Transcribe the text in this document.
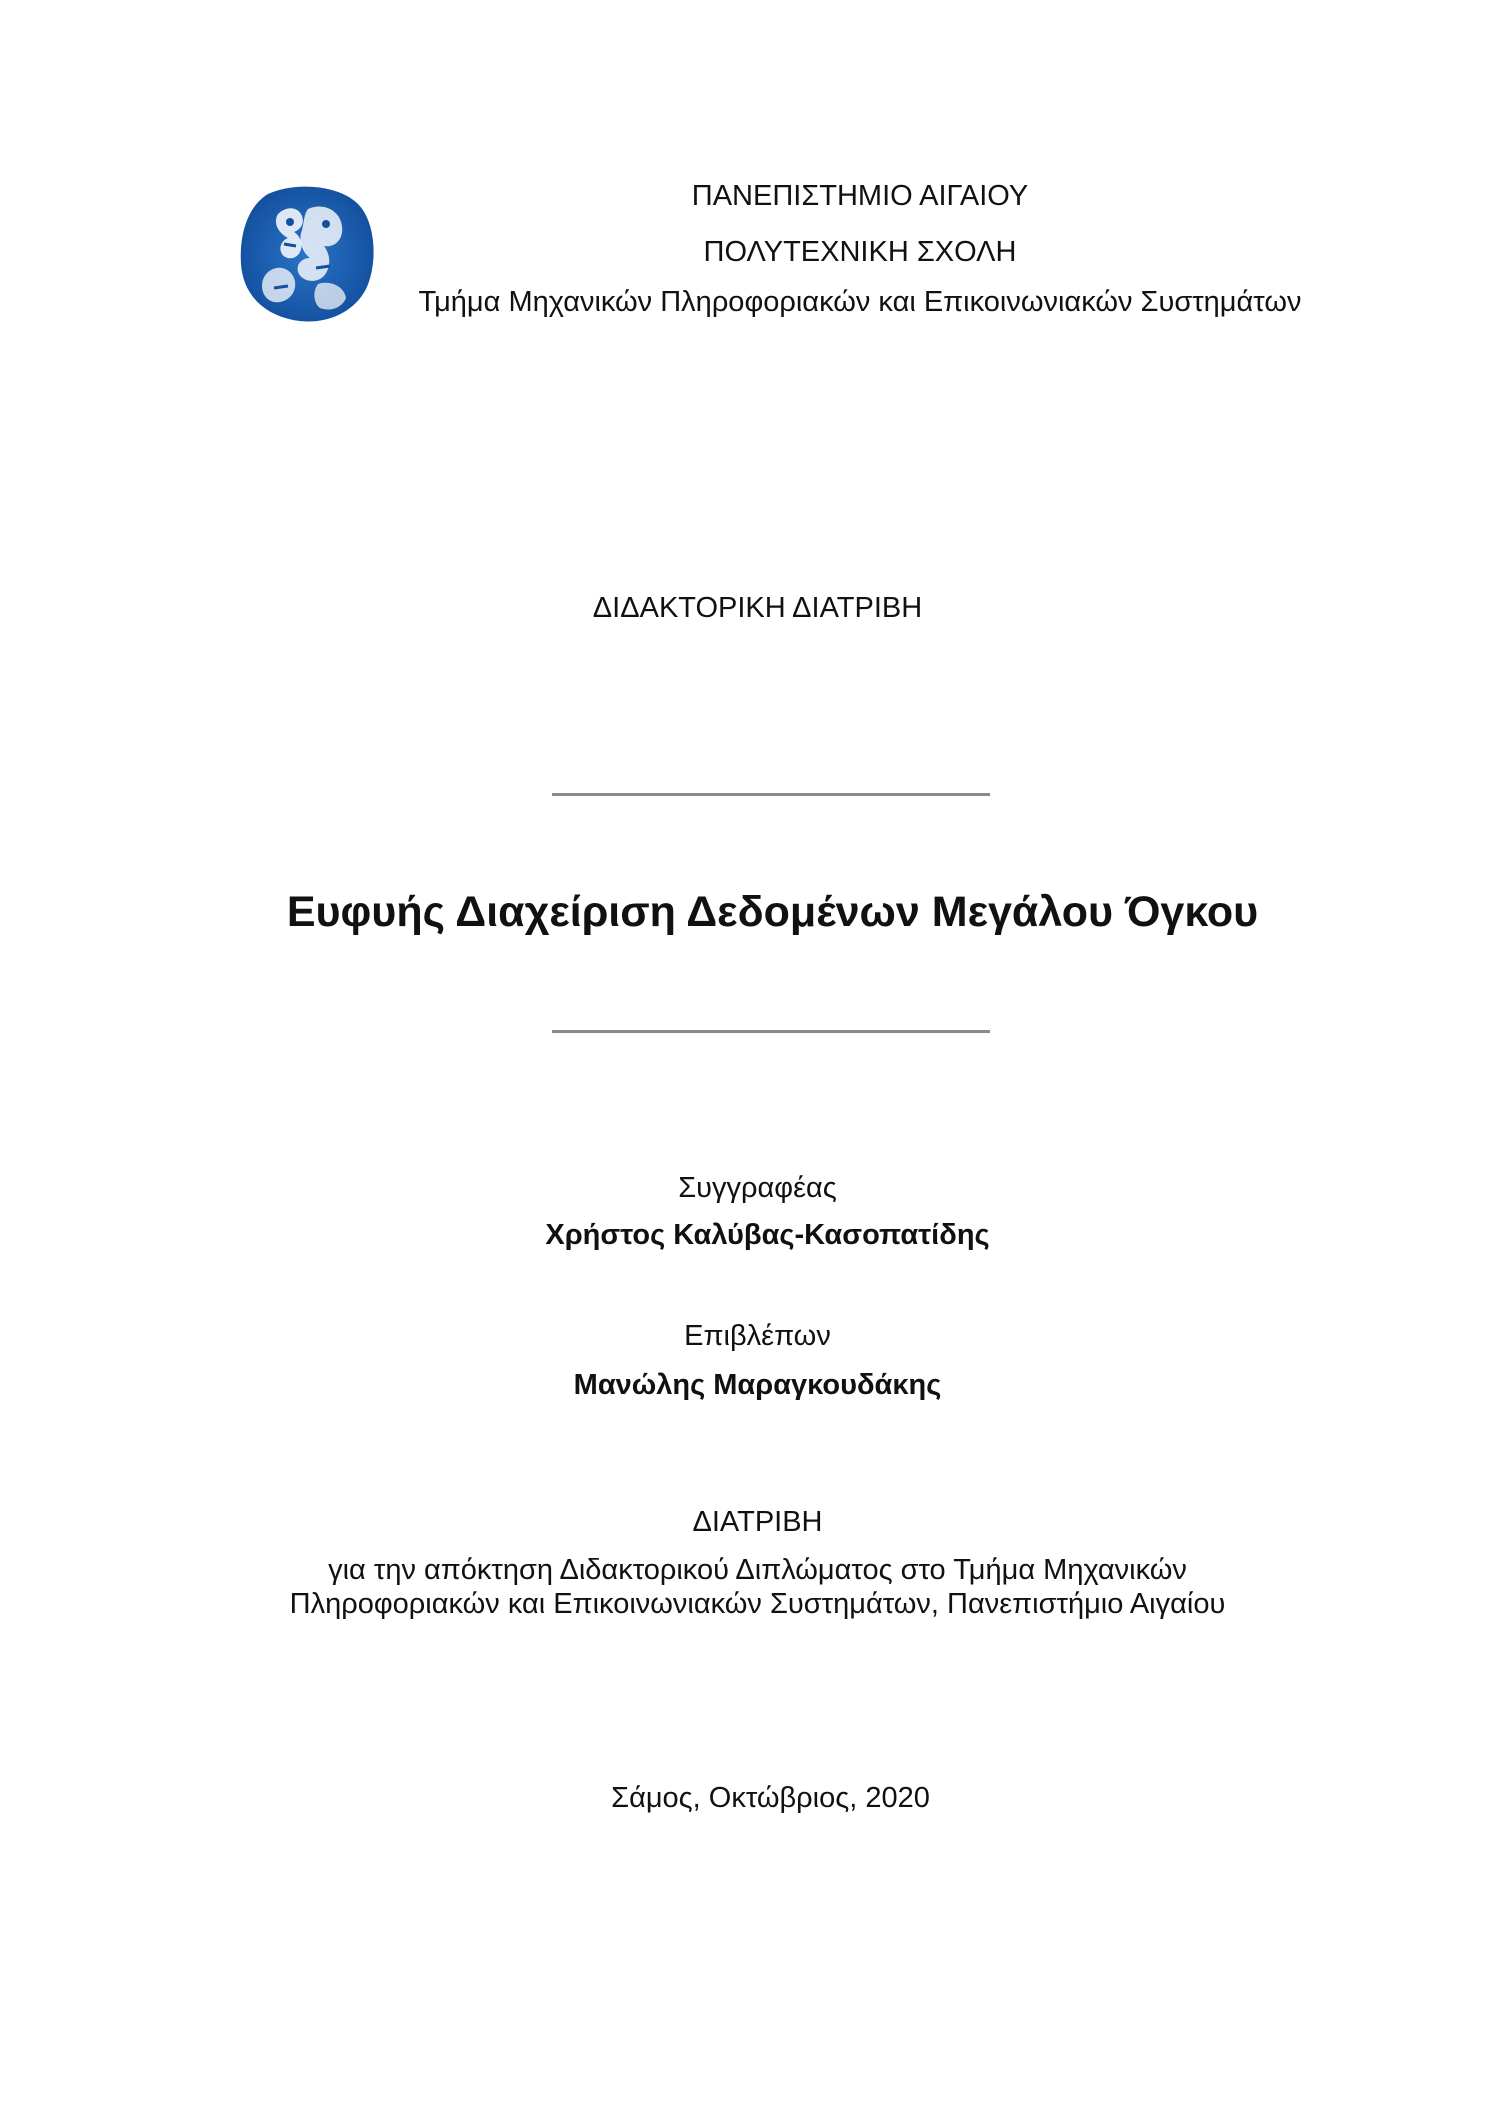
ΠΑΝΕΠΙΣΤΗΜΙΟ ΑΙΓΑΙΟΥ
ΠΟΛΥΤΕΧΝΙΚΗ ΣΧΟΛΗ
Τμήμα Μηχανικών Πληροφοριακών και Επικοινωνιακών Συστημάτων
ΔΙΔΑΚΤΟΡΙΚΗ ΔΙΑΤΡΙΒΗ
Ευφυής Διαχείριση Δεδομένων Μεγάλου Όγκου
Συγγραφέας
Χρήστος Καλύβας-Κασοπατίδης
Επιβλέπων
Μανώλης Μαραγκουδάκης
ΔΙΑΤΡΙΒΗ
για την απόκτηση Διδακτορικού Διπλώματος στο Τμήμα Μηχανικών
Πληροφοριακών και Επικοινωνιακών Συστημάτων, Πανεπιστήμιο Αιγαίου
Σάμος, Οκτώβριος, 2020
